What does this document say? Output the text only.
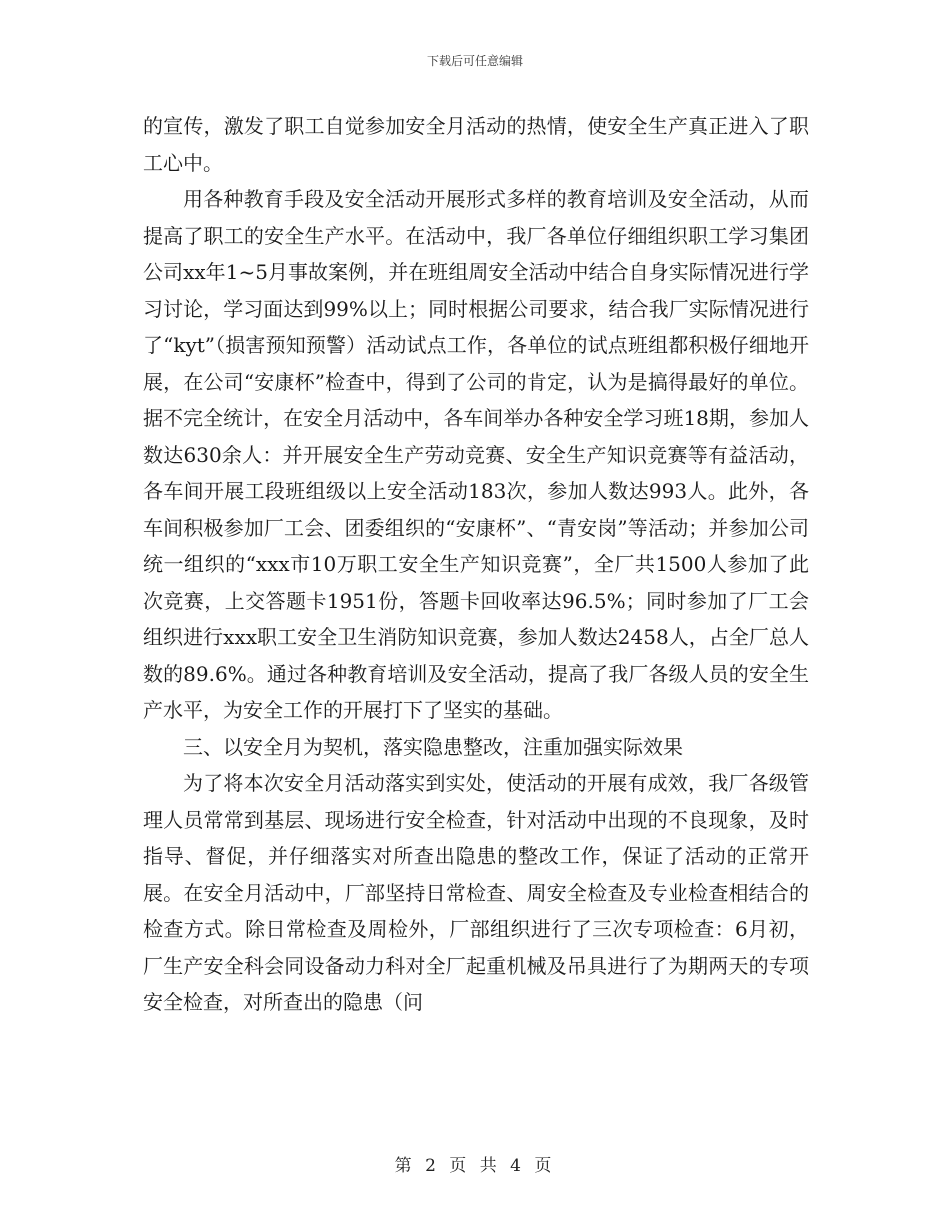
下载后可任意编辑

的宣传，激发了职工自觉参加安全月活动的热情，使安全生产真正进入了职工心中。

用各种教育手段及安全活动开展形式多样的教育培训及安全活动，从而提高了职工的安全生产水平。在活动中，我厂各单位仔细组织职工学习集团公司xx年1~5月事故案例，并在班组周安全活动中结合自身实际情况进行学习讨论，学习面达到99%以上；同时根据公司要求，结合我厂实际情况进行了“kyt”（损害预知预警）活动试点工作，各单位的试点班组都积极仔细地开展，在公司“安康杯”检查中，得到了公司的肯定，认为是搞得最好的单位。据不完全统计，在安全月活动中，各车间举办各种安全学习班18期，参加人数达630余人：并开展安全生产劳动竞赛、安全生产知识竞赛等有益活动，各车间开展工段班组级以上安全活动183次，参加人数达993人。此外，各车间积极参加厂工会、团委组织的“安康杯”、“青安岗”等活动；并参加公司统一组织的“xxx市10万职工安全生产知识竞赛”，全厂共1500人参加了此次竞赛，上交答题卡1951份，答题卡回收率达96.5%；同时参加了厂工会组织进行xxx职工安全卫生消防知识竞赛，参加人数达2458人，占全厂总人数的89.6%。通过各种教育培训及安全活动，提高了我厂各级人员的安全生产水平，为安全工作的开展打下了坚实的基础。

三、以安全月为契机，落实隐患整改，注重加强实际效果

为了将本次安全月活动落实到实处，使活动的开展有成效，我厂各级管理人员常常到基层、现场进行安全检查，针对活动中出现的不良现象，及时指导、督促，并仔细落实对所查出隐患的整改工作，保证了活动的正常开展。在安全月活动中，厂部坚持日常检查、周安全检查及专业检查相结合的检查方式。除日常检查及周检外，厂部组织进行了三次专项检查：6月初，厂生产安全科会同设备动力科对全厂起重机械及吊具进行了为期两天的专项安全检查，对所查出的隐患（问

第 2 页 共 4 页
